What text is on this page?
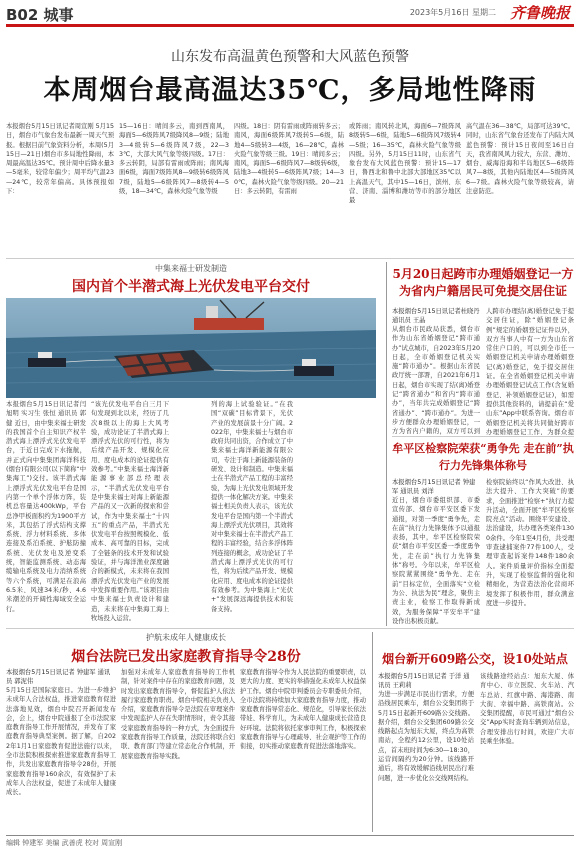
B02 城事	2023年5月16日 星期二 齐鲁晚报
山东发布高温黄色预警和大风蓝色预警
本周烟台最高温达35℃，多局地性降雨
本报烟台5月15日讯记者周宣刚 5月15日，烟台市气象台发布最新一周天气预报。根据目前气象资料分析，本周(5月15日—21日)烟台市多局地性降雨，本周最高温达35℃。预计周中后降水量3—5毫米，较常年偏少；周平均气温23—24℃，较常年偏高。具体预报如下：
15—16日：晴间多云，南到西南风，海面5—6级阵风7级降风8—9级；陆地3—4级转5—6级阵风7级，22—33℃，大部大风气象等级四级。17日：多云转阴，局部有雷雨或阵雨；南风海面6级，海面7级阵风8—9级转6级阵风7级，陆地5—6级阵风7—8级转4—5级，18—34℃，森林火险气象等级
四级。18日：阴有雷雨或阵雨转多云；南风，海面6级阵风7级转5—6级，陆地4—5级转3—4级，16—28℃，森林火险气象等级三级。19日：晴间多云；南风，海面5—6级阵风7—8级转6级，陆地3—4级转5—6级阵风7级；14—30℃，森林火险气象等级四级。20—21日：多云转阴，有雷雨
或阵雨；南风转北风，海面6—7级阵风8级转5—6级，陆地5—6级阵风7级转4—5级；16—35℃，森林火险气象等级四级。另外，5月15日11时，山东省气象台发布大风蓝色预警：预计15—17日，鲁西北和鲁中北部大部地区35℃以上高温天气，其中15—16日，滨州、东营、济南、淄博和潍坊等市的部分地区最
高气温在36—38℃，局部可达39℃。同时，山东省气象台还发布了内陆大风蓝色预警：预计15日夜间至16日白天，我省南风风力较大，东营、潍坊、烟台、威海沿海和半岛地区5—6级阵风7—8级，其他内陆地区4—5级阵风6—7级。森林火险气象等级较高，请注意防范。
中集来福士研发制造
国内首个半潜式海上光伏发电平台交付
本报烟台5月15日讯记者闫旭明 实习生 张恒 通讯员 郭健 近日，由中集来福士研发的我国首个自主知识产权半潜式海上漂浮式光伏发电平台，于近日完成下水拖航，并正式向中集集团海洋科技(烟台)有限公司(以下简称“中集海工”)交付。该半潜式海上漂浮式光伏发电平台是国内第一个单个浮体方阵，装机总容量达400kWp，平台总净甲板面积约为1900平方米，其包括了浮式结构支撑系统、浮力材料系统、多体连接及系泊系统、护舷防撞系统、光伏发电及逆变系统，智能监测系统、动态海缆输电系统及电力消纳系统等六个系统，可满足在浪高6.5米、风速34米/秒、4.6米潮差的开阔性海域安全运行。
“该光伏发电平台自三月下旬发现到北以来，经历了几次8级以上的海上大风考验，成功论证了半潜式海上漂浮式光伏的可行性，将为后续产品开发、规模化应用、度电成本的论证提供有效参考。”中集来福士海洋新能源事业部总经理表示，“半潜式光伏发电平台是中集来福士对海上新能源产品的又一次新的探索和尝试，作为中集来福士“十四五”的重点产品，半潜式光伏发电平台按照规模化、低成本、高可靠的目标，完成了全链条的技术开发和试验验证，并与海洋渔业深度融合的新模式，未来将在我国漂浮式光伏发电产业的发展中发挥重要作用。”该项目由中集来福士负责设计和建造，未来将在中集海工海上牧场投入运营。
列的海上试验验证。”在我国“双碳”目标背景下，光伏产业的发展前景十分广阔。2022年，中集来福士与烟台市政府共同出资，合作成立了中集来福士海洋新能源有限公司，专注于海上新能源装备的研发、设计和制造。中集来福士在半潜式产品工程的丰富经验，为海上光伏发电领域开发提供一体化解决方案。中集来福士相关负责人表示，该光伏发电平台是国内第一个半潜式海上漂浮式光伏项目，其效将对中集来福士在半潜式产品工程的丰富经验，结合多浮体阵列连接的概念，成功论证了半潜式海上漂浮式光伏的可行性，将为后续产品开发、规模化应用、度电成本的论证提供有效参考。为中集海上“光伏+”发展深远海提供技术和装备支持。
5月20日起跨市办理婚姻登记一方为省内户籍居民可免提交居住证
本报烟台5月15日讯记者杜晓丹 通讯员 王晶
从烟台市民政局获悉，烟台市作为山东省婚姻登记“跨市通办”试点城市，自2023年5月20日起，全市婚姻登记机关实施“跨市通办”。根据山东省民政厅统一部署，自2021年6月1日起，烟台市实现了结(离)婚登记“跨省通办”和省内“跨市通办”，当年共完成婚姻登记“跨省通办”、“跨市通办”。为进一步方便群众办理婚姻登记，一方为省内户籍的，双方可以到
人跨市办理结(离)婚登记免于提交居住证，除“婚姻登记条例”规定的婚姻登记证件以外，双方当事人中有一方为山东省常住户口的，可以到全市任一婚姻登记机关申请办理婚姻登记(离)婚登记，免于提交居住证。在全省婚姻登记机关申请办理婚姻登记试点工作(含复婚登记、补领婚姻登记证)，如需提供其他资料的，请提前在“爱山东”App中联系咨询。烟台市婚姻登记机关将共同做好跨市办理婚姻登记工作，为群众提
牟平区检察院荣获“勇争先 走在前”执行力先锋集体称号
本报烟台5月15日讯记者 钟建军 通讯员 刘洋
近日，烟台市委组织部、市委宣传部、烟台市平安区委下发通报，对第一季度“勇争先，走在前”执行力先锋集体予以通报表扬，其中，牟平区检察院荣获“烟台市平安区委一季度勇争先，走在前”执行力先锋集体”称号。今年以来，牟平区检察院紧紧围绕“勇争先、走在前”目标定位，全面落实“立检为公、执法为民”理念，聚焦主责主业，检察工作取得新成效，为服务保障“平安牟平”建设作出积极贡献。
检察院始终以“作风大改进、执法大提升、工作大突破”的要求，全面推进“检察+”执行力提升活动，全面开展“牟平区检察院亮点”活动。围绕平安建设、法治建设，共办理各类案件1300余件。今年1至4月份，共受理审查逮捕案件77件100人，受理审查起诉案件148件180余人。案件质量评价指标全面提升，实现了检察监督的强化和精细化，为营造法治化营商环境发挥了积极作用，群众满意度进一步提升。
护航未成年人健康成长
烟台法院已发出家庭教育指导令28份
本报烟台5月15日讯记者 钟建军 通讯员 郭泥伟
5月15日是国际家庭日。为进一步维护未成年人合法权益，推进家庭教育促进法落地见效，烟台中院召开新闻发布会，会上，烟台中院通报了全市法院家庭教育指导工作开展情况，并发布了家庭教育指导典型案例。据了解，自2022年1月1日家庭教育促进法施行以来，全市法院积极探索推进家庭教育指导工作，共发出家庭教育指导令28份，开展家庭教育指导160余次，有效保护了未成年人合法权益，促进了未成年人健康成长。
加强对未成年人家庭教育指导的工作机制，针对案件中存在的家庭教育问题，及时发出家庭教育指导令，督促监护人依法履行家庭教育职责。烟台中院相关负责人介绍，家庭教育指导令是法院在审理案件中发现监护人存在失职情形时，责令其接受家庭教育指导的一种方式，为全面提升家庭教育指导工作质量，法院还将联合妇联、教育部门等建立常态化合作机制，开展家庭教育指导实践。
家庭教育指导令作为人民法院的重要职责，以更大的力度、更实的举措强化未成年人权益保护工作。烟台中院审判委员会专职委员介绍，全市法院将持续加大家庭教育指导力度，推动家庭教育指导常态化、规范化，引导家长依法带娃、科学育儿，为未成年人健康成长营造良好环境。法院将依托家事审判工作，积极探索家庭教育指导与心理疏导、社会观护等工作的衔接，切实推动家庭教育促进法落地落实。
烟台新开609路公交，设10处站点
本报烟台5月15日讯记者 于洋 通讯员 王莉莉
为进一步满足市民出行需求，方便沿线居民乘车，烟台公交集团将于5月15日起新开609路公交线路。据介绍，烟台公交集团609路公交线路起点为旭东大厦，终点为高铁南站，全程约12公里，设10处站点，首末班时间为6:30—18:30，运营间隔约为20分钟。该线路开通后，将有效缓解沿线居民出行难问题，进一步优化公交线网结构。
该线路途经站点：旭东大厦、体育中心、市立医院、火车站、汽车总站、红旗中路、海港路、南大街、幸福中路、高铁南站。公交集团提醒，市民可通过“烟台公交”App实时查询车辆到站信息，合理安排出行时间，欢迎广大市民乘坐体验。
编辑 钟建军 美编 武善虎 校对 周宣刚
